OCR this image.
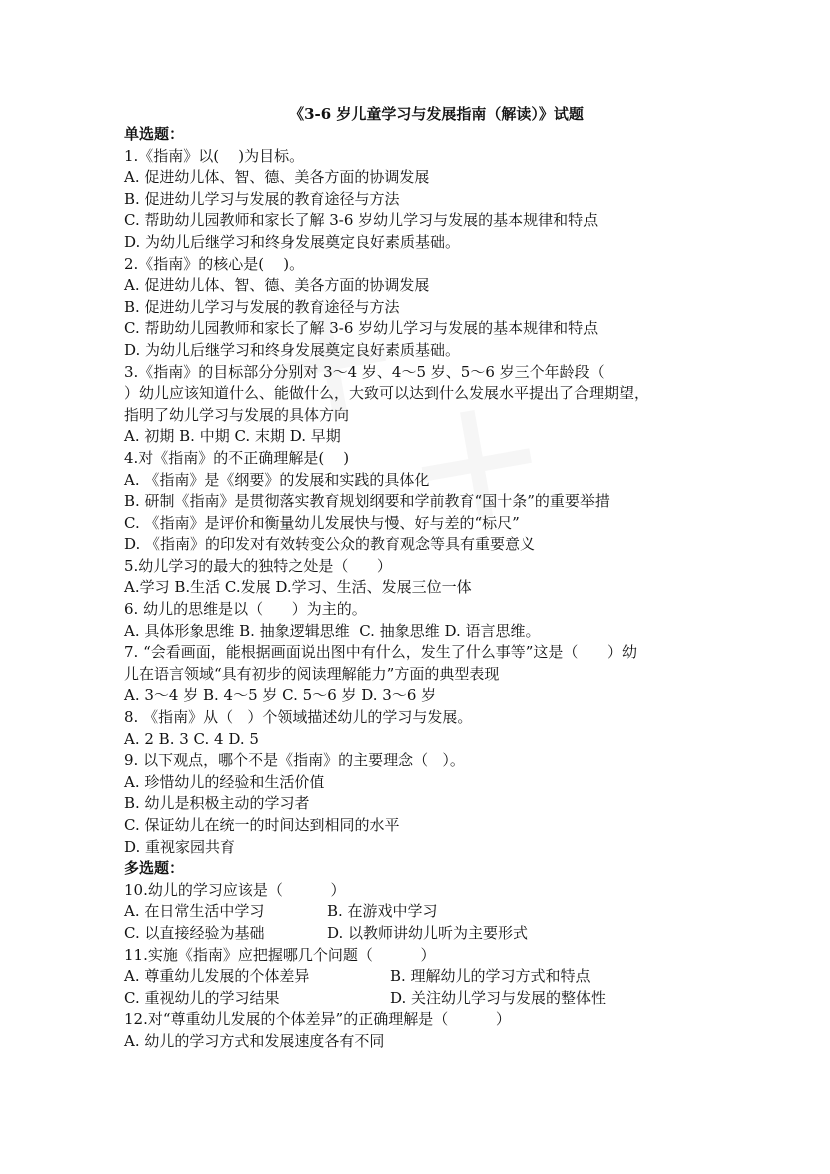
《3-6 岁儿童学习与发展指南（解读）》试题
单选题：
1.《指南》以(    )为目标。
A. 促进幼儿体、智、德、美各方面的协调发展
B. 促进幼儿学习与发展的教育途径与方法
C. 帮助幼儿园教师和家长了解 3-6 岁幼儿学习与发展的基本规律和特点
D. 为幼儿后继学习和终身发展奠定良好素质基础。
2.《指南》的核心是(    )。
A. 促进幼儿体、智、德、美各方面的协调发展
B. 促进幼儿学习与发展的教育途径与方法
C. 帮助幼儿园教师和家长了解 3-6 岁幼儿学习与发展的基本规律和特点
D. 为幼儿后继学习和终身发展奠定良好素质基础。
3.《指南》的目标部分分别对 3～4 岁、4～5 岁、5～6 岁三个年龄段（
）幼儿应该知道什么、能做什么，大致可以达到什么发展水平提出了合理期望，
指明了幼儿学习与发展的具体方向
A. 初期 B. 中期 C. 末期 D. 早期
4.对《指南》的不正确理解是(    )
A. 《指南》是《纲要》的发展和实践的具体化
B. 研制《指南》是贯彻落实教育规划纲要和学前教育“国十条”的重要举措
C. 《指南》是评价和衡量幼儿发展快与慢、好与差的“标尺”
D. 《指南》的印发对有效转变公众的教育观念等具有重要意义
5.幼儿学习的最大的独特之处是（      ）
A.学习 B.生活 C.发展 D.学习、生活、发展三位一体
6. 幼儿的思维是以（      ）为主的。
A. 具体形象思维 B. 抽象逻辑思维  C. 抽象思维 D. 语言思维。
7. “会看画面，能根据画面说出图中有什么，发生了什么事等”这是（      ）幼
儿在语言领域“具有初步的阅读理解能力”方面的典型表现
A. 3～4 岁 B. 4～5 岁 C. 5～6 岁 D. 3～6 岁
8. 《指南》从（   ）个领域描述幼儿的学习与发展。
A. 2 B. 3 C. 4 D. 5
9. 以下观点，哪个不是《指南》的主要理念（   ）。
A. 珍惜幼儿的经验和生活价值
B. 幼儿是积极主动的学习者
C. 保证幼儿在统一的时间达到相同的水平
D. 重视家园共育
多选题：
10.幼儿的学习应该是（          ）
A. 在日常生活中学习	B. 在游戏中学习
C. 以直接经验为基础	D. 以教师讲幼儿听为主要形式
11.实施《指南》应把握哪几个问题（          ）
A. 尊重幼儿发展的个体差异	B. 理解幼儿的学习方式和特点
C. 重视幼儿的学习结果	D. 关注幼儿学习与发展的整体性
12.对“尊重幼儿发展的个体差异”的正确理解是（          ）
A. 幼儿的学习方式和发展速度各有不同
